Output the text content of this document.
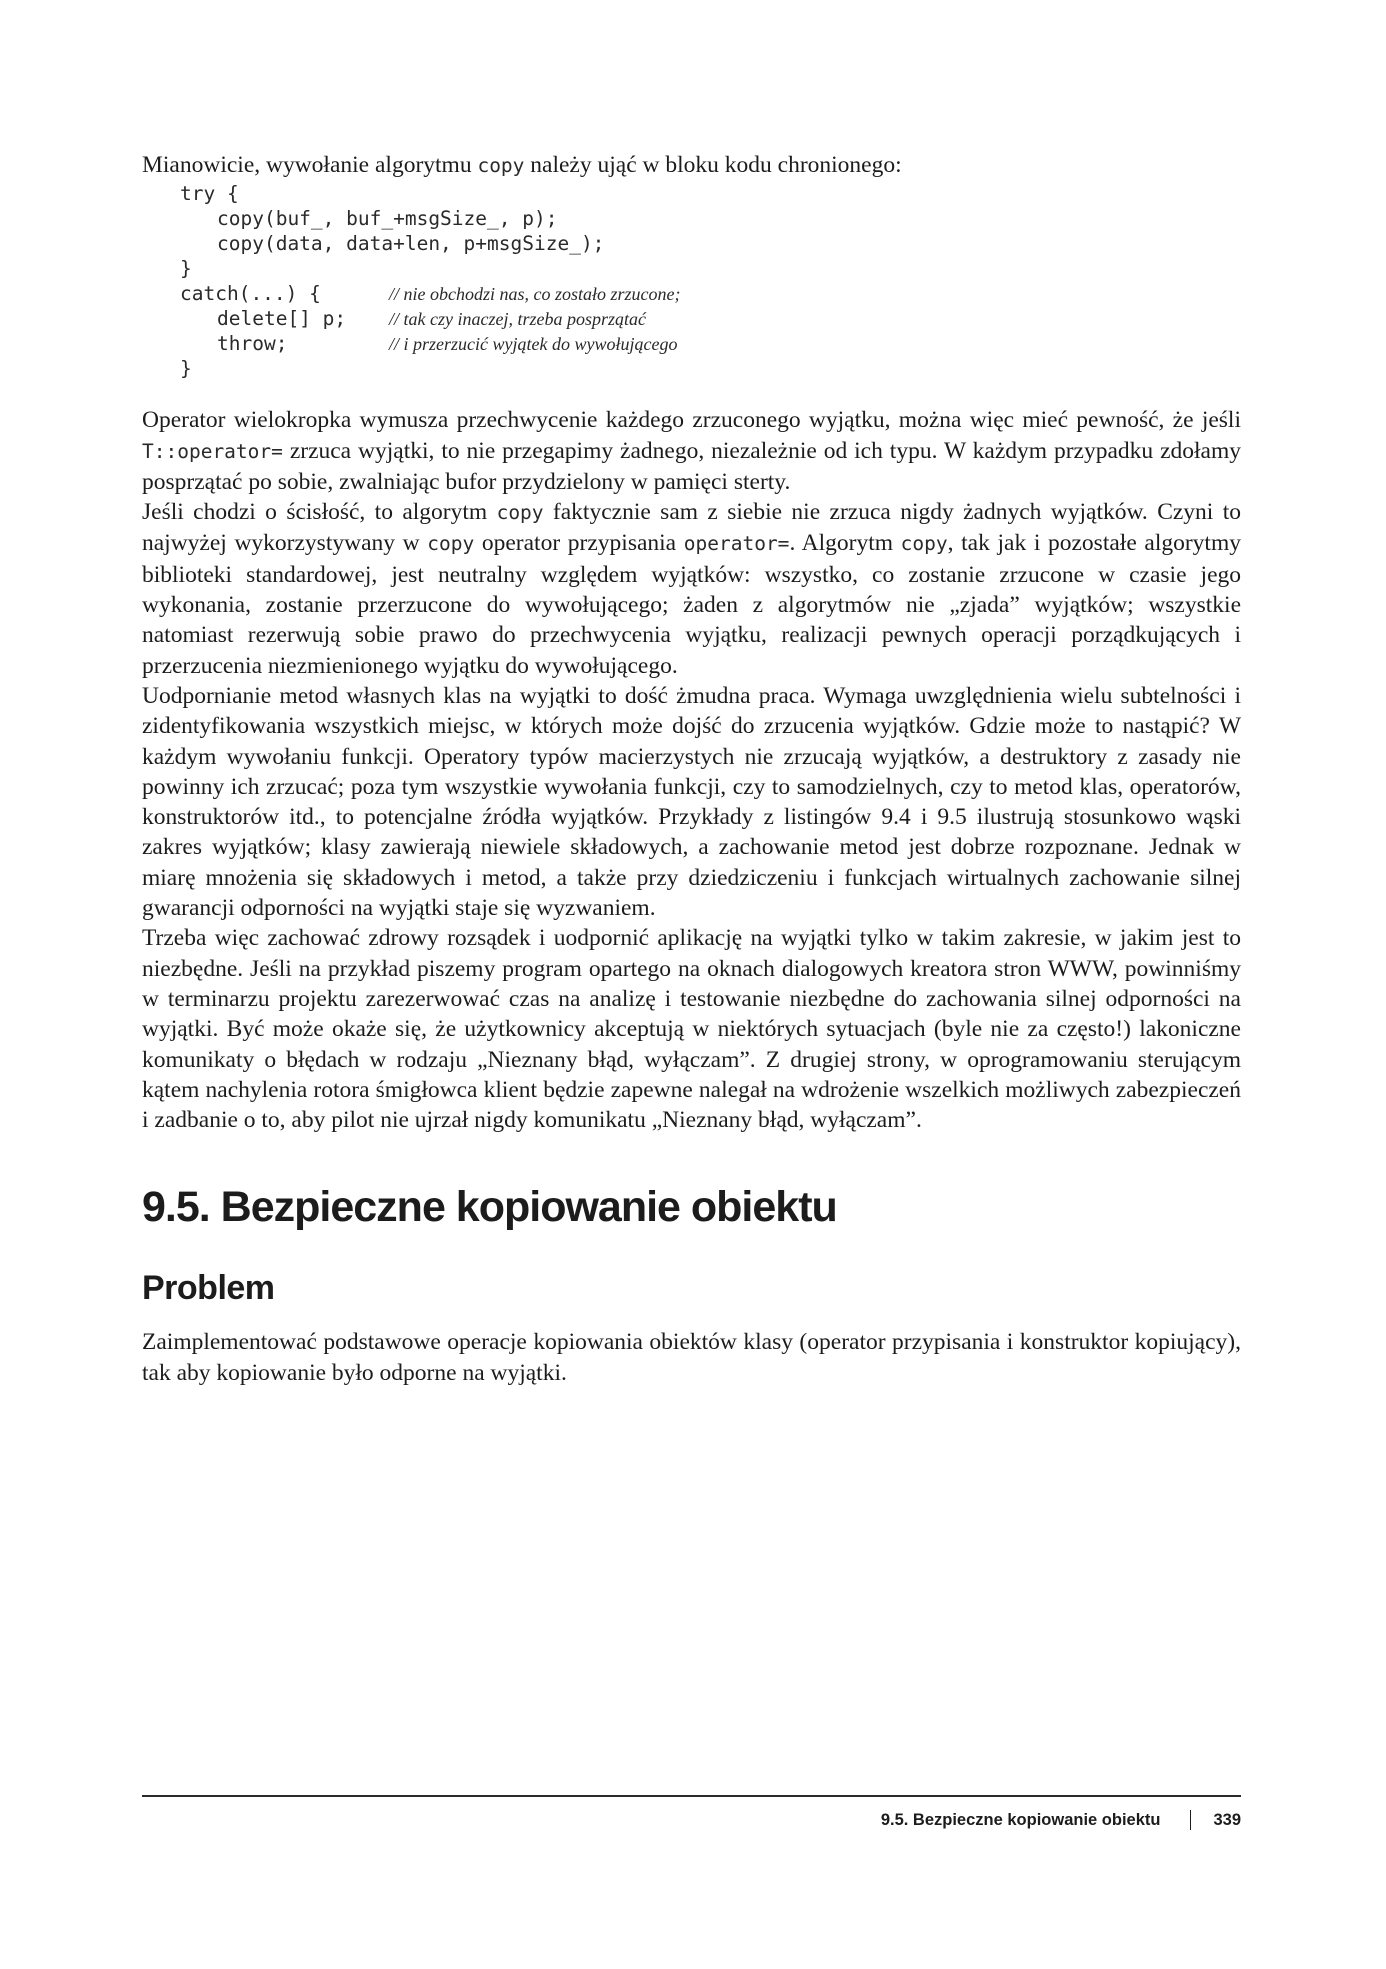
Mianowicie, wywołanie algorytmu copy należy ująć w bloku kodu chronionego:

try {
copy(buf_, buf_+msgSize_, p);
copy(data, data+len, p+msgSize_);
}
catch(...) {	// nie obchodzi nas, co zostało zrzucone;
delete[] p; // tak czy inaczej, trzeba posprzątać
throw;	// i przerzucić wyjątek do wywołującego
}

Operator wielokropka wymusza przechwycenie każdego zrzuconego wyjątku, można więc mieć pewność, że jeśli T::operator= zrzuca wyjątki, to nie przegapimy żadnego, niezależnie od ich typu. W każdym przypadku zdołamy posprzątać po sobie, zwalniając bufor przydzielony w pamięci sterty.

Jeśli chodzi o ścisłość, to algorytm copy faktycznie sam z siebie nie zrzuca nigdy żadnych wyjątków. Czyni to najwyżej wykorzystywany w copy operator przypisania operator=. Algorytm copy, tak jak i pozostałe algorytmy biblioteki standardowej, jest neutralny względem wyjątków: wszystko, co zostanie zrzucone w czasie jego wykonania, zostanie przerzucone do wywołującego; żaden z algorytmów nie „zjada” wyjątków; wszystkie natomiast rezerwują sobie prawo do przechwycenia wyjątku, realizacji pewnych operacji porządkujących i przerzucenia niezmienionego wyjątku do wywołującego.

Uodpornianie metod własnych klas na wyjątki to dość żmudna praca. Wymaga uwzględnienia wielu subtelności i zidentyfikowania wszystkich miejsc, w których może dojść do zrzucenia wyjątków. Gdzie może to nastąpić? W każdym wywołaniu funkcji. Operatory typów macierzystych nie zrzucają wyjątków, a destruktory z zasady nie powinny ich zrzucać; poza tym wszystkie wywołania funkcji, czy to samodzielnych, czy to metod klas, operatorów, konstruktorów itd., to potencjalne źródła wyjątków. Przykłady z listingów 9.4 i 9.5 ilustrują stosunkowo wąski zakres wyjątków; klasy zawierają niewiele składowych, a zachowanie metod jest dobrze rozpoznane. Jednak w miarę mnożenia się składowych i metod, a także przy dziedziczeniu i funkcjach wirtualnych zachowanie silnej gwarancji odporności na wyjątki staje się wyzwaniem.

Trzeba więc zachować zdrowy rozsądek i uodpornić aplikację na wyjątki tylko w takim zakresie, w jakim jest to niezbędne. Jeśli na przykład piszemy program opartego na oknach dialogowych kreatora stron WWW, powinniśmy w terminarzu projektu zarezerwować czas na analizę i testowanie niezbędne do zachowania silnej odporności na wyjątki. Być może okaże się, że użytkownicy akceptują w niektórych sytuacjach (byle nie za często!) lakoniczne komunikaty o błędach w rodzaju „Nieznany błąd, wyłączam”. Z drugiej strony, w oprogramowaniu sterującym kątem nachylenia rotora śmigłowca klient będzie zapewne nalegał na wdrożenie wszelkich możliwych zabezpieczeń i zadbanie o to, aby pilot nie ujrzał nigdy komunikatu „Nieznany błąd, wyłączam”.

9.5. Bezpieczne kopiowanie obiektu
Problem

Zaimplementować podstawowe operacje kopiowania obiektów klasy (operator przypisania i konstruktor kopiujący), tak aby kopiowanie było odporne na wyjątki.

9.5. Bezpieczne kopiowanie obiektu	339
